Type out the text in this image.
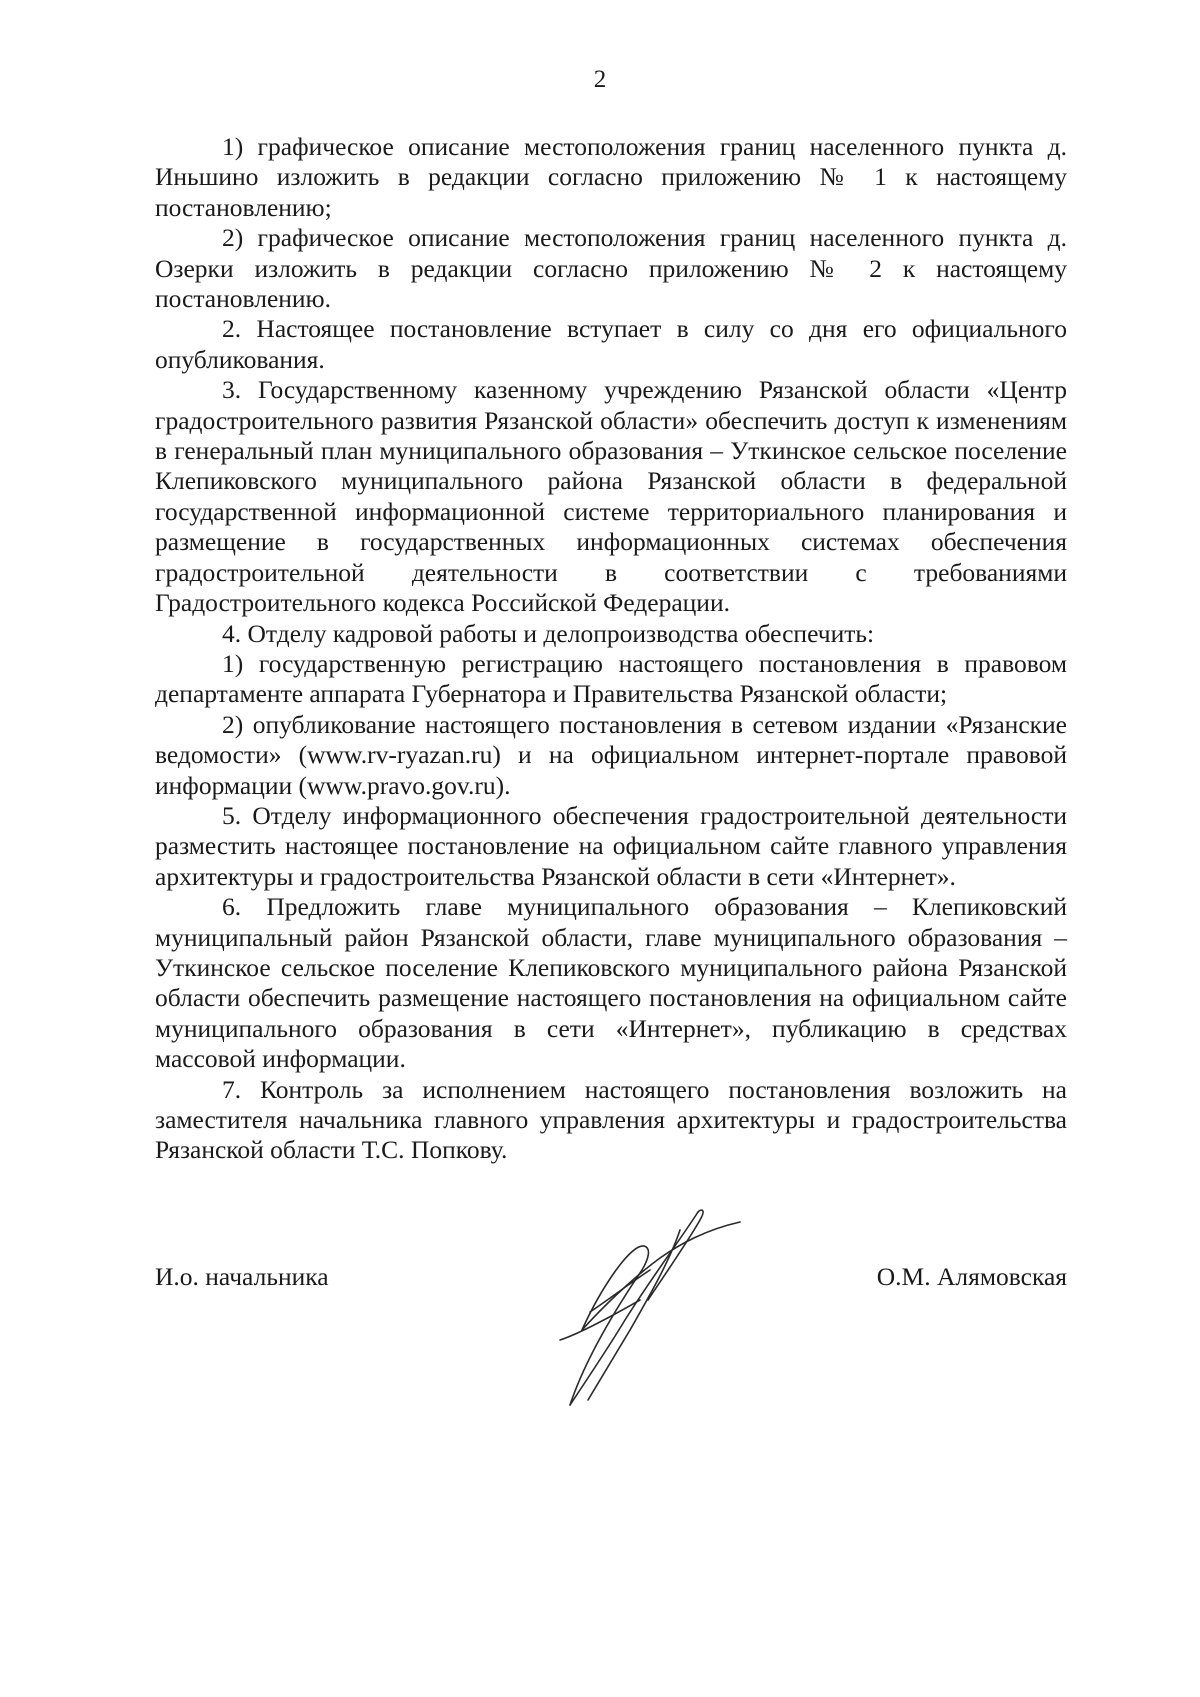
2

1) графическое описание местоположения границ населенного пункта д. Иньшино изложить в редакции согласно приложению № 1 к настоящему постановлению;

2) графическое описание местоположения границ населенного пункта д. Озерки изложить в редакции согласно приложению № 2 к настоящему постановлению.

2. Настоящее постановление вступает в силу со дня его официального опубликования.

3. Государственному казенному учреждению Рязанской области «Центр градостроительного развития Рязанской области» обеспечить доступ к изменениям в генеральный план муниципального образования – Уткинское сельское поселение Клепиковского муниципального района Рязанской области в федеральной государственной информационной системе территориального планирования и размещение в государственных информационных системах обеспечения градостроительной деятельности в соответствии с требованиями Градостроительного кодекса Российской Федерации.

4. Отделу кадровой работы и делопроизводства обеспечить:

1) государственную регистрацию настоящего постановления в правовом департаменте аппарата Губернатора и Правительства Рязанской области;

2) опубликование настоящего постановления в сетевом издании «Рязанские ведомости» (www.rv-ryazan.ru) и на официальном интернет-портале правовой информации (www.pravo.gov.ru).

5. Отделу информационного обеспечения градостроительной деятельности разместить настоящее постановление на официальном сайте главного управления архитектуры и градостроительства Рязанской области в сети «Интернет».

6. Предложить главе муниципального образования – Клепиковский муниципальный район Рязанской области, главе муниципального образования – Уткинское сельское поселение Клепиковского муниципального района Рязанской области обеспечить размещение настоящего постановления на официальном сайте муниципального образования в сети «Интернет», публикацию в средствах массовой информации.

7. Контроль за исполнением настоящего постановления возложить на заместителя начальника главного управления архитектуры и градостроительства Рязанской области Т.С. Попкову.

И.о. начальника	О.М. Алямовская
